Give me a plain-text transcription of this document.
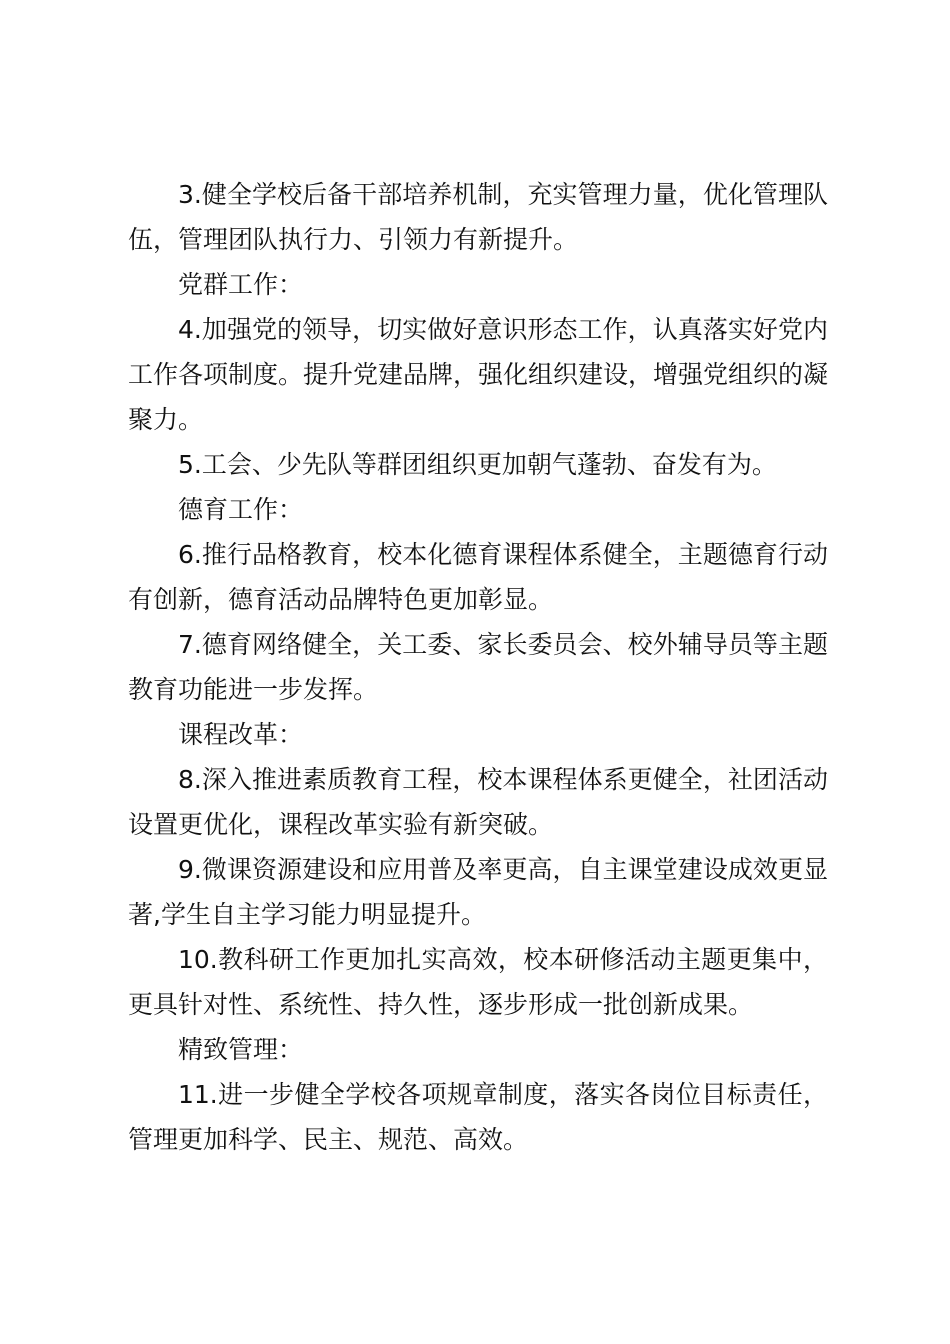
3.健全学校后备干部培养机制，充实管理力量，优化管理队伍，管理团队执行力、引领力有新提升。

党群工作：

4.加强党的领导，切实做好意识形态工作，认真落实好党内工作各项制度。提升党建品牌，强化组织建设，增强党组织的凝聚力。

5.工会、少先队等群团组织更加朝气蓬勃、奋发有为。

德育工作：

6.推行品格教育，校本化德育课程体系健全，主题德育行动有创新，德育活动品牌特色更加彰显。

7.德育网络健全，关工委、家长委员会、校外辅导员等主题教育功能进一步发挥。

课程改革：

8.深入推进素质教育工程，校本课程体系更健全，社团活动设置更优化，课程改革实验有新突破。

9.微课资源建设和应用普及率更高，自主课堂建设成效更显著,学生自主学习能力明显提升。

10.教科研工作更加扎实高效，校本研修活动主题更集中，更具针对性、系统性、持久性，逐步形成一批创新成果。

精致管理：

11.进一步健全学校各项规章制度，落实各岗位目标责任，管理更加科学、民主、规范、高效。
